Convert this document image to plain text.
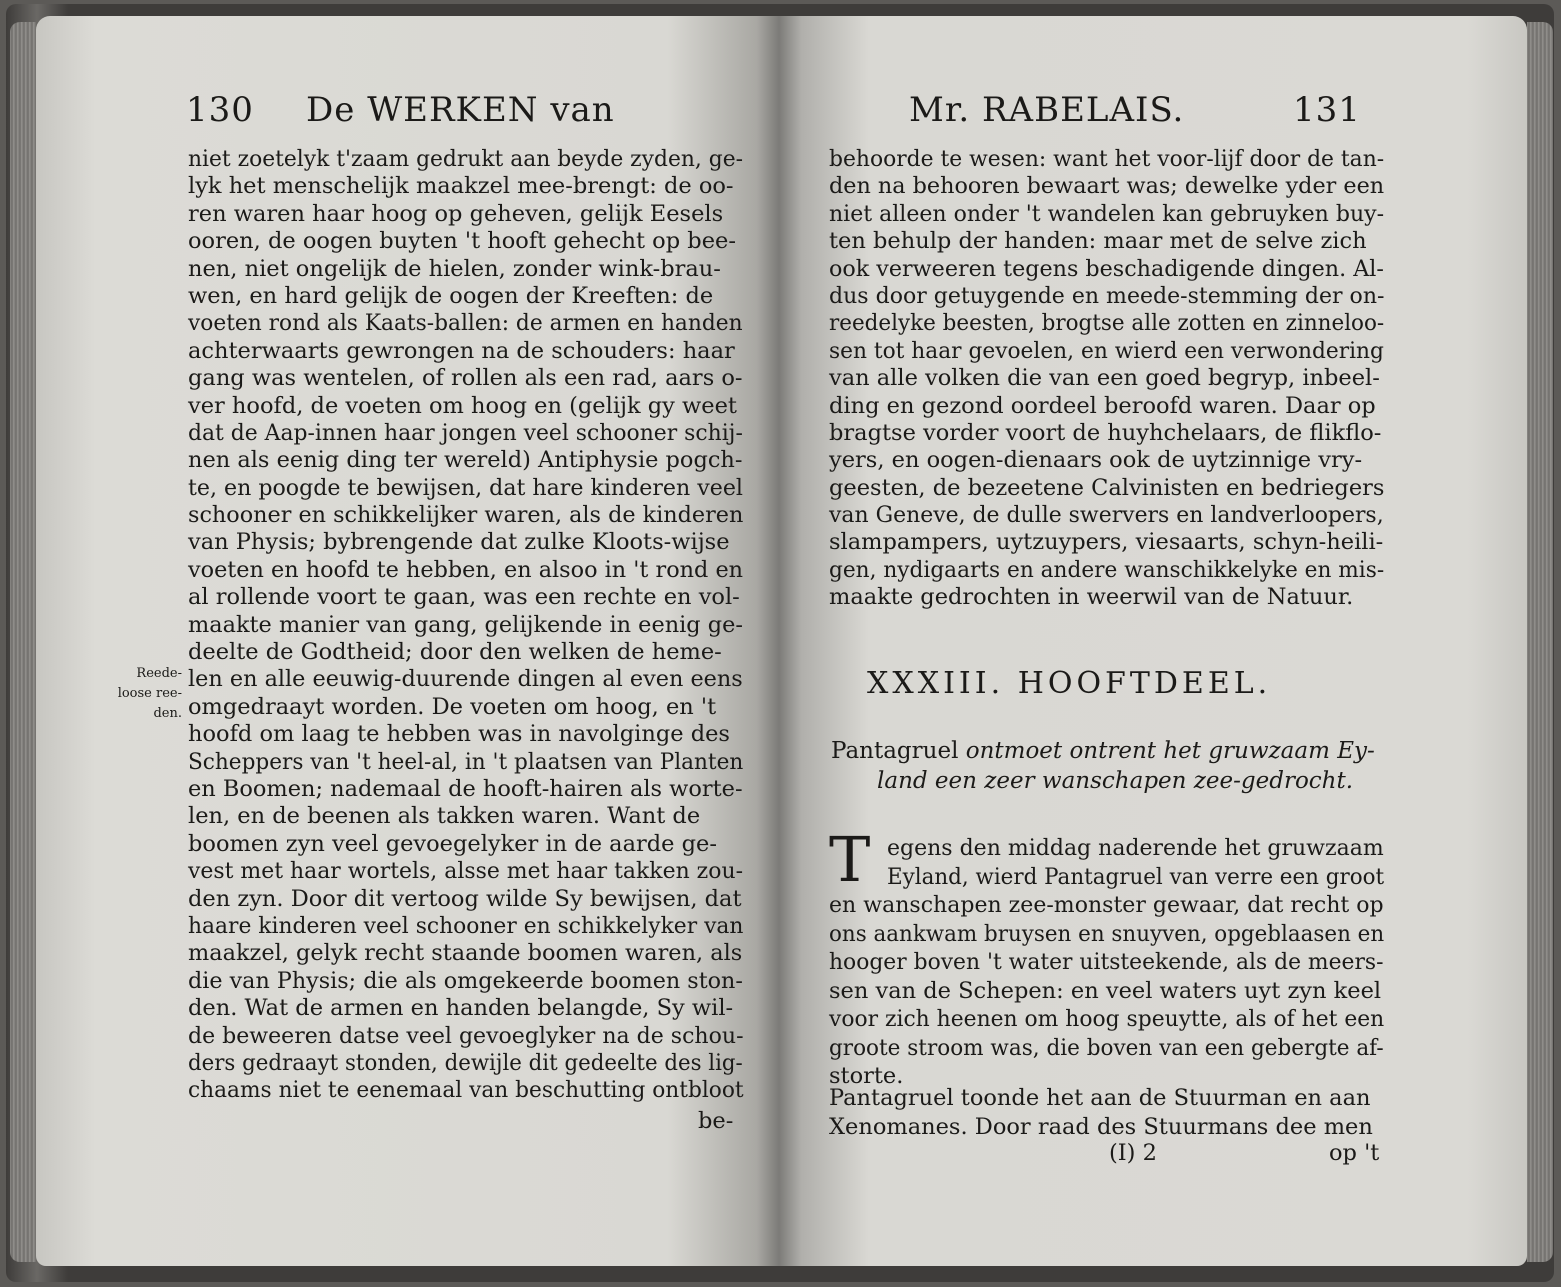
130 De WERKEN van
Reede-
loose ree-
den.
niet zoetelyk t'zaam gedrukt aan beyde zyden, ge-
lyk het menschelijk maakzel mee-brengt: de oo-
ren waren haar hoog op geheven, gelijk Eesels
ooren, de oogen buyten 't hooft gehecht op bee-
nen, niet ongelijk de hielen, zonder wink-brau-
wen, en hard gelijk de oogen der Kreeften: de
voeten rond als Kaats-ballen: de armen en handen
achterwaarts gewrongen na de schouders: haar
gang was wentelen, of rollen als een rad, aars o-
ver hoofd, de voeten om hoog en (gelijk gy weet
dat de Aap-innen haar jongen veel schooner schij-
nen als eenig ding ter wereld) Antiphysie pogch-
te, en poogde te bewijsen, dat hare kinderen veel
schooner en schikkelijker waren, als de kinderen
van Physis; bybrengende dat zulke Kloots-wijse
voeten en hoofd te hebben, en alsoo in 't rond en
al rollende voort te gaan, was een rechte en vol-
maakte manier van gang, gelijkende in eenig ge-
deelte de Godtheid; door den welken de heme-
len en alle eeuwig-duurende dingen al even eens
omgedraayt worden. De voeten om hoog, en 't
hoofd om laag te hebben was in navolginge des
Scheppers van 't heel-al, in 't plaatsen van Planten
en Boomen; nademaal de hooft-hairen als worte-
len, en de beenen als takken waren. Want de
boomen zyn veel gevoegelyker in de aarde ge-
vest met haar wortels, alsse met haar takken zou-
den zyn. Door dit vertoog wilde Sy bewijsen, dat
haare kinderen veel schooner en schikkelyker van
maakzel, gelyk recht staande boomen waren, als
die van Physis; die als omgekeerde boomen ston-
den. Wat de armen en handen belangde, Sy wil-
de beweeren datse veel gevoeglyker na de schou-
ders gedraayt stonden, dewijle dit gedeelte des lig-
chaams niet te eenemaal van beschutting ontbloot
be-
Mr. RABELAIS.	131
behoorde te wesen: want het voor-lijf door de tan-
den na behooren bewaart was; dewelke yder een
niet alleen onder 't wandelen kan gebruyken buy-
ten behulp der handen: maar met de selve zich
ook verweeren tegens beschadigende dingen. Al-
dus door getuygende en meede-stemming der on-
reedelyke beesten, brogtse alle zotten en zinneloo-
sen tot haar gevoelen, en wierd een verwondering
van alle volken die van een goed begryp, inbeel-
ding en gezond oordeel beroofd waren. Daar op
bragtse vorder voort de huyhchelaars, de flikflo-
yers, en oogen-dienaars ook de uytzinnige vry-
geesten, de bezeetene Calvinisten en bedriegers
van Geneve, de dulle swervers en landverloopers,
slampampers, uytzuypers, viesaarts, schyn-heili-
gen, nydigaarts en andere wanschikkelyke en mis-
maakte gedrochten in weerwil van de Natuur.
XXXIII. HOOFTDEEL.
Pantagruel ontmoet ontrent het gruwzaam Ey-
land een zeer wanschapen zee-gedrocht.
T egens den middag naderende het gruwzaam
Eyland, wierd Pantagruel van verre een groot
en wanschapen zee-monster gewaar, dat recht op
ons aankwam bruysen en snuyven, opgeblaasen en
hooger boven 't water uitsteekende, als de meers-
sen van de Schepen: en veel waters uyt zyn keel
voor zich heenen om hoog speuytte, als of het een
groote stroom was, die boven van een gebergte af-
storte.
Pantagruel toonde het aan de Stuurman en aan
Xenomanes. Door raad des Stuurmans dee men
(I) 2	op 't
